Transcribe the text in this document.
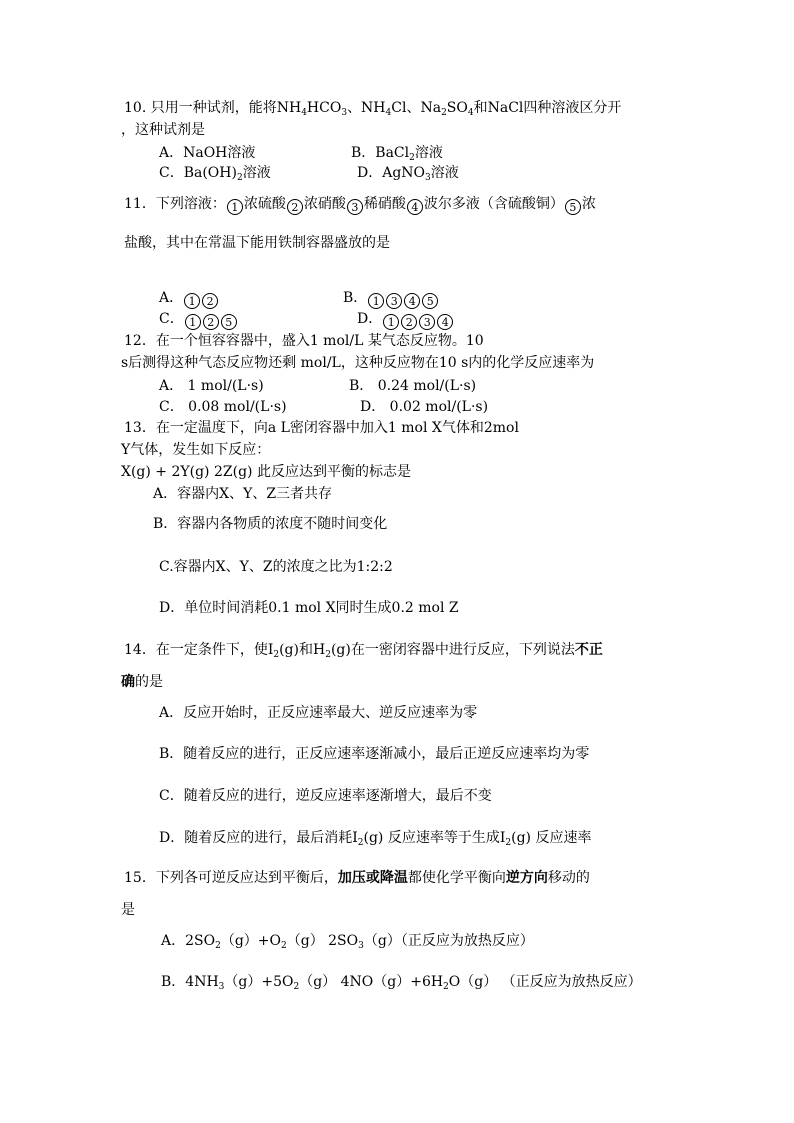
10. 只用一种试剂，能将$NH_4HCO_3$、$NH_4Cl$、$Na_2SO_4$和NaCl四种溶液区分开
，这种试剂是
A．NaOH溶液	B．BaCl$_2$溶液
C．$Ba(OH)_2$溶液	D．AgNO$_3$溶液
11．下列溶液： 1 浓硫酸 2 浓硝酸 3 稀硝酸 4 波尔多液（含硫酸铜） 5 浓
盐酸，其中在常温下能用铁制容器盛放的是
A． 1 2	B． 1 3 4 5
C． 1 2 5	D． 1 2 3 4
12．在一个恒容容器中，盛入1 mol/L 某气态反应物。10
s后测得这种气态反应物还剩 mol/L，这种反应物在10 s内的化学反应速率为
A． 1 mol/(L·s)	B． 0.24 mol/(L·s)
C． 0.08 mol/(L·s)	D． 0.02 mol/(L·s)
13．在一定温度下，向a L密闭容器中加入1 mol X气体和2mol
Y气体，发生如下反应：
X(g) + 2Y(g) 2Z(g) 此反应达到平衡的标志是
A．容器内X、Y、Z三者共存
B．容器内各物质的浓度不随时间变化
C.容器内X、Y、Z的浓度之比为1:2:2
D．单位时间消耗0.1 mol X同时生成0.2 mol Z
14．在一定条件下，使$I_2(g)$和$H_2(g)$在一密闭容器中进行反应，下列说法不正
确的是
A．反应开始时，正反应速率最大、逆反应速率为零
B．随着反应的进行，正反应速率逐渐减小，最后正逆反应速率均为零
C．随着反应的进行，逆反应速率逐渐增大，最后不变
D．随着反应的进行，最后消耗$I_2(g)$ 反应速率等于生成$I_2(g)$ 反应速率
15．下列各可逆反应达到平衡后，加压或降温都使化学平衡向逆方向移动的
是
A．$2SO_2(g)+O_2(g)$ $2SO_3(g)$（正反应为放热反应）
B．$4NH_3(g)+5O_2(g)$ $4NO(g)+6H_2O(g)$ （正反应为放热反应）
